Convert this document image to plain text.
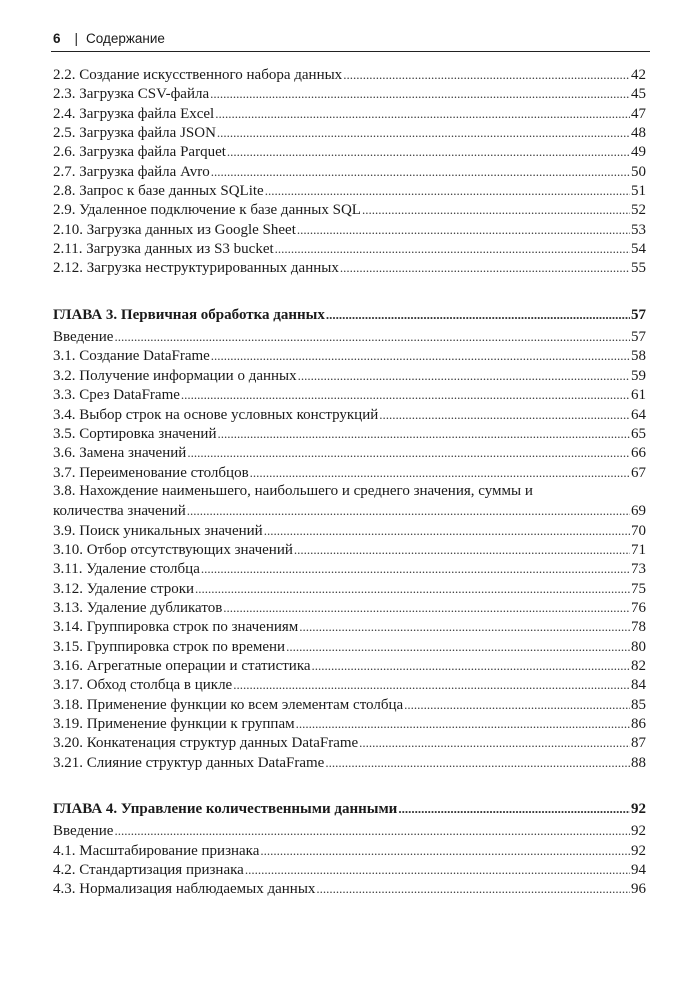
6 | Содержание
2.2. Создание искусственного набора данных .....	42
2.3. Загрузка CSV-файла .....	45
2.4. Загрузка файла Excel .....	47
2.5. Загрузка файла JSON .....	48
2.6. Загрузка файла Parquet .....	49
2.7. Загрузка файла Avro .....	50
2.8. Запрос к базе данных SQLite .....	51
2.9. Удаленное подключение к базе данных SQL .....	52
2.10. Загрузка данных из Google Sheet .....	53
2.11. Загрузка данных из S3 bucket .....	54
2.12. Загрузка неструктурированных данных .....	55
ГЛАВА 3. Первичная обработка данных .....	57
Введение .....	57
3.1. Создание DataFrame .....	58
3.2. Получение информации о данных .....	59
3.3. Срез DataFrame .....	61
3.4. Выбор строк на основе условных конструкций .....	64
3.5. Сортировка значений .....	65
3.6. Замена значений .....	66
3.7. Переименование столбцов .....	67
3.8. Нахождение наименьшего, наибольшего и среднего значения, суммы и
количества значений .....	69
3.9. Поиск уникальных значений .....	70
3.10. Отбор отсутствующих значений .....	71
3.11. Удаление столбца .....	73
3.12. Удаление строки .....	75
3.13. Удаление дубликатов .....	76
3.14. Группировка строк по значениям .....	78
3.15. Группировка строк по времени .....	80
3.16. Агрегатные операции и статистика .....	82
3.17. Обход столбца в цикле .....	84
3.18. Применение функции ко всем элементам столбца .....	85
3.19. Применение функции к группам .....	86
3.20. Конкатенация структур данных DataFrame .....	87
3.21. Слияние структур данных DataFrame .....	88
ГЛАВА 4. Управление количественными данными .....	92
Введение .....	92
4.1. Масштабирование признака .....	92
4.2. Стандартизация признака .....	94
4.3. Нормализация наблюдаемых данных .....	96
